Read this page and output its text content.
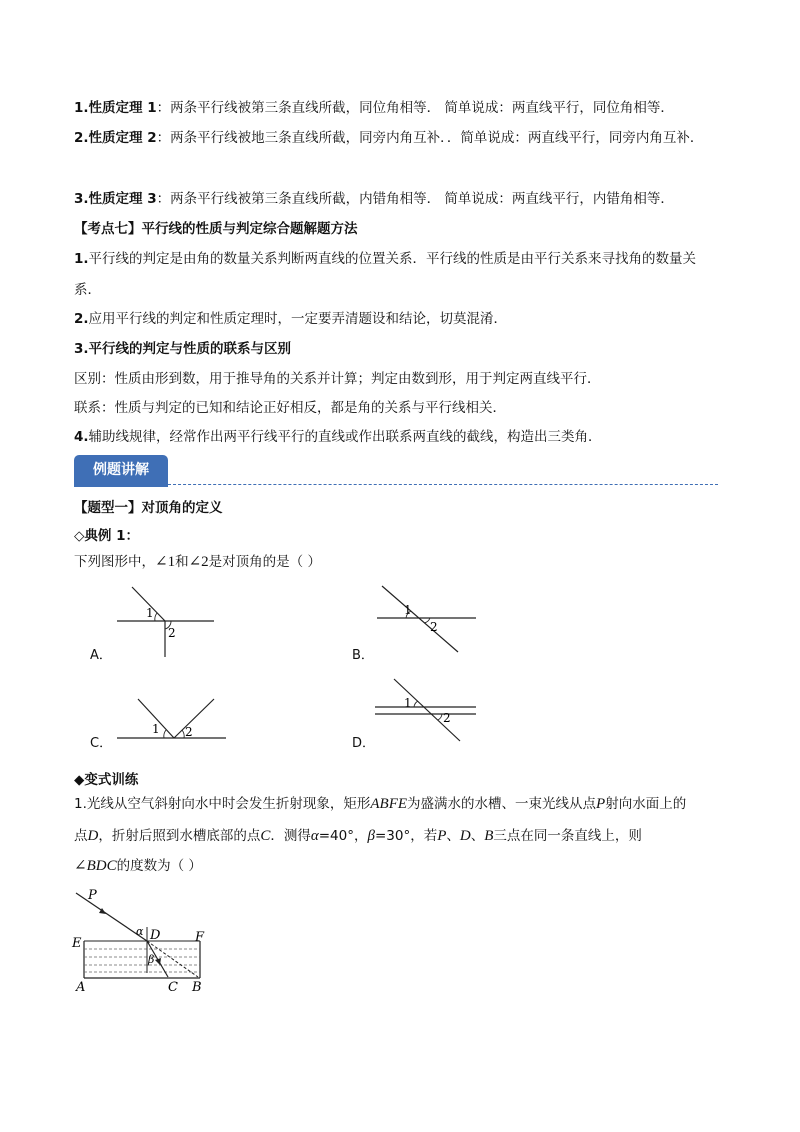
1.性质定理 1：两条平行线被第三条直线所截，同位角相等． 简单说成：两直线平行，同位角相等．
2.性质定理 2：两条平行线被地三条直线所截，同旁内角互补．．简单说成：两直线平行，同旁内角互补．
3.性质定理 3：两条平行线被第三条直线所截，内错角相等． 简单说成：两直线平行，内错角相等．
【考点七】平行线的性质与判定综合题解题方法
1.平行线的判定是由角的数量关系判断两直线的位置关系．平行线的性质是由平行关系来寻找角的数量关
系．
2.应用平行线的判定和性质定理时，一定要弄清题设和结论，切莫混淆．
3.平行线的判定与性质的联系与区别
区别：性质由形到数，用于推导角的关系并计算；判定由数到形，用于判定两直线平行．
联系：性质与判定的已知和结论正好相反，都是角的关系与平行线相关．
4.辅助线规律，经常作出两平行线平行的直线或作出联系两直线的截线，构造出三类角．
例题讲解
【题型一】对顶角的定义
◇典例 1：
下列图形中，∠1和∠2是对顶角的是（ ）
1
2
A．
1
2
B．
1 2
C．
1
2
D．
◆变式训练
1.光线从空气斜射向水中时会发生折射现象，矩形ABFE为盛满水的水槽、一束光线从点P射向水面上的
点D，折射后照到水槽底部的点C．测得α=40°，β=30°，若P、D、B三点在同一条直线上，则
∠BDC的度数为（ ）
P
E	F
A	B
C
D
α
β
